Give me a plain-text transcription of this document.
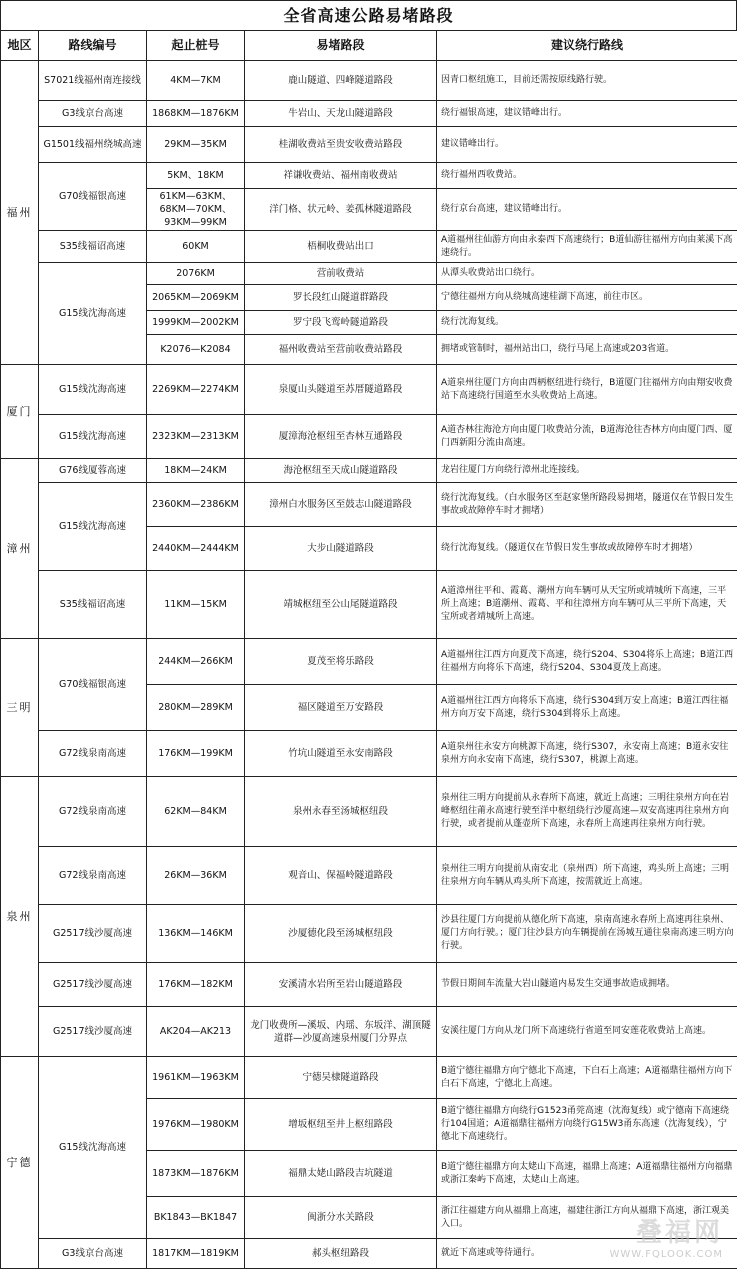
全省高速公路易堵路段
地区	路线编号	起止桩号	易堵路段	建议绕行路线
福州	S7021线福州南连接线	4KM—7KM	鹿山隧道、四峰隧道路段	因青口枢纽施工，目前还需按原线路行驶。
	G3线京台高速	1868KM—1876KM	牛岩山、天龙山隧道路段	绕行福银高速，建议错峰出行。
	G1501线福州绕城高速	29KM—35KM	桂湖收费站至贵安收费站路段	建议错峰出行。
	G70线福银高速	5KM、18KM	祥谦收费站、福州南收费站	绕行福州西收费站。
		61KM—63KM、68KM—70KM、93KM—99KM	洋门格、状元岭、姜孤林隧道路段	绕行京台高速，建议错峰出行。
	S35线福诏高速	60KM	梧桐收费站出口	A道福州往仙游方向由永泰西下高速绕行；B道仙游往福州方向由莱溪下高速绕行。
	G15线沈海高速	2076KM	营前收费站	从潭头收费站出口绕行。
		2065KM—2069KM	罗长段红山隧道群路段	宁德往福州方向从绕城高速桂湖下高速，前往市区。
		1999KM—2002KM	罗宁段飞鸾岭隧道路段	绕行沈海复线。
		K2076—K2084	福州收费站至营前收费站路段	拥堵或管制时，福州站出口，绕行马尾上高速或203省道。
厦门	G15线沈海高速	2269KM—2274KM	泉厦山头隧道至苏厝隧道路段	A道泉州往厦门方向由西柄枢纽进行绕行，B道厦门往福州方向由翔安收费站下高速绕行国道至水头收费站上高速。
	G15线沈海高速	2323KM—2313KM	厦漳海沧枢纽至杏林互通路段	A道杏林往海沧方向由厦门收费站分流，B道海沧往杏林方向由厦门西、厦门西新阳分流由高速。
漳州	G76线厦蓉高速	18KM—24KM	海沧枢纽至天成山隧道路段	龙岩往厦门方向绕行漳州北连接线。
	G15线沈海高速	2360KM—2386KM	漳州白水服务区至鼓志山隧道路段	绕行沈海复线。（白水服务区至赵家堡所路段易拥堵，隧道仅在节假日发生事故或故障停车时才拥堵）
		2440KM—2444KM	大步山隧道路段	绕行沈海复线。（隧道仅在节假日发生事故或故障停车时才拥堵）
	S35线福诏高速	11KM—15KM	靖城枢纽至公山尾隧道路段	A道漳州往平和、霞葛、潮州方向车辆可从天宝所或靖城所下高速，三平所上高速；B道潮州、霞葛、平和往漳州方向车辆可从三平所下高速，天宝所或者靖城所上高速。
三明	G70线福银高速	244KM—266KM	夏茂至将乐路段	A道福州往江西方向夏茂下高速，绕行S204、S304将乐上高速；B道江西往福州方向将乐下高速，绕行S204、S304夏茂上高速。
		280KM—289KM	福区隧道至万安路段	A道福州往江西方向将乐下高速，绕行S304到万安上高速；B道江西往福州方向万安下高速，绕行S304到将乐上高速。
	G72线泉南高速	176KM—199KM	竹坑山隧道至永安南路段	A道泉州往永安方向桃源下高速，绕行S307，永安南上高速；B道永安往泉州方向永安南下高速，绕行S307，桃源上高速。
泉州	G72线泉南高速	62KM—84KM	泉州永春至汤城枢纽段	泉州往三明方向提前从永春所下高速，就近上高速；三明往泉州方向在岩峰枢纽往莆永高速行驶至洋中枢纽绕行沙厦高速—双安高速再往泉州方向行驶，或者提前从蓬壶所下高速，永春所上高速再往泉州方向行驶。
	G72线泉南高速	26KM—36KM	观音山、保福岭隧道路段	泉州往三明方向提前从南安北（泉州西）所下高速，鸡头所上高速；三明往泉州方向车辆从鸡头所下高速，按需就近上高速。
	G2517线沙厦高速	136KM—146KM	沙厦德化段至汤城枢纽段	沙县往厦门方向提前从德化所下高速，泉南高速永春所上高速再往泉州、厦门方向行驶。；厦门往沙县方向车辆提前在汤城互通往泉南高速三明方向行驶。
	G2517线沙厦高速	176KM—182KM	安溪清水岩所至岩山隧道路段	节假日期间车流量大岩山隧道内易发生交通事故造成拥堵。
	G2517线沙厦高速	AK204—AK213	龙门收费所—溪坂、内瑶、东坂洋、湖顶隧道群—沙厦高速泉州厦门分界点	安溪往厦门方向从龙门所下高速绕行省道至同安莲花收费站上高速。
宁德	G15线沈海高速	1961KM—1963KM	宁德吴棣隧道路段	B道宁德往福鼎方向宁德北下高速，下白石上高速；A道福鼎往福州方向下白石下高速，宁德北上高速。
		1976KM—1980KM	增坂枢纽至井上枢纽路段	B道宁德往福鼎方向绕行G1523甬莞高速（沈海复线）或宁德南下高速绕行104国道；A道福鼎往福州方向绕行G15W3甬东高速（沈海复线），宁德北下高速绕行。
		1873KM—1876KM	福鼎太姥山路段吉坑隧道	B道宁德往福鼎方向太姥山下高速，福鼎上高速；A道福鼎往福州方向福鼎或浙江秦屿下高速，太姥山上高速。
		BK1843—BK1847	闽浙分水关路段	浙江往福建方向从福鼎上高速，福建往浙江方向从福鼎下高速，浙江观美入口。
	G3线京台高速	1817KM—1819KM	郝头枢纽路段	就近下高速或等待通行。
叠福网
WWW.FQLOOK.COM
